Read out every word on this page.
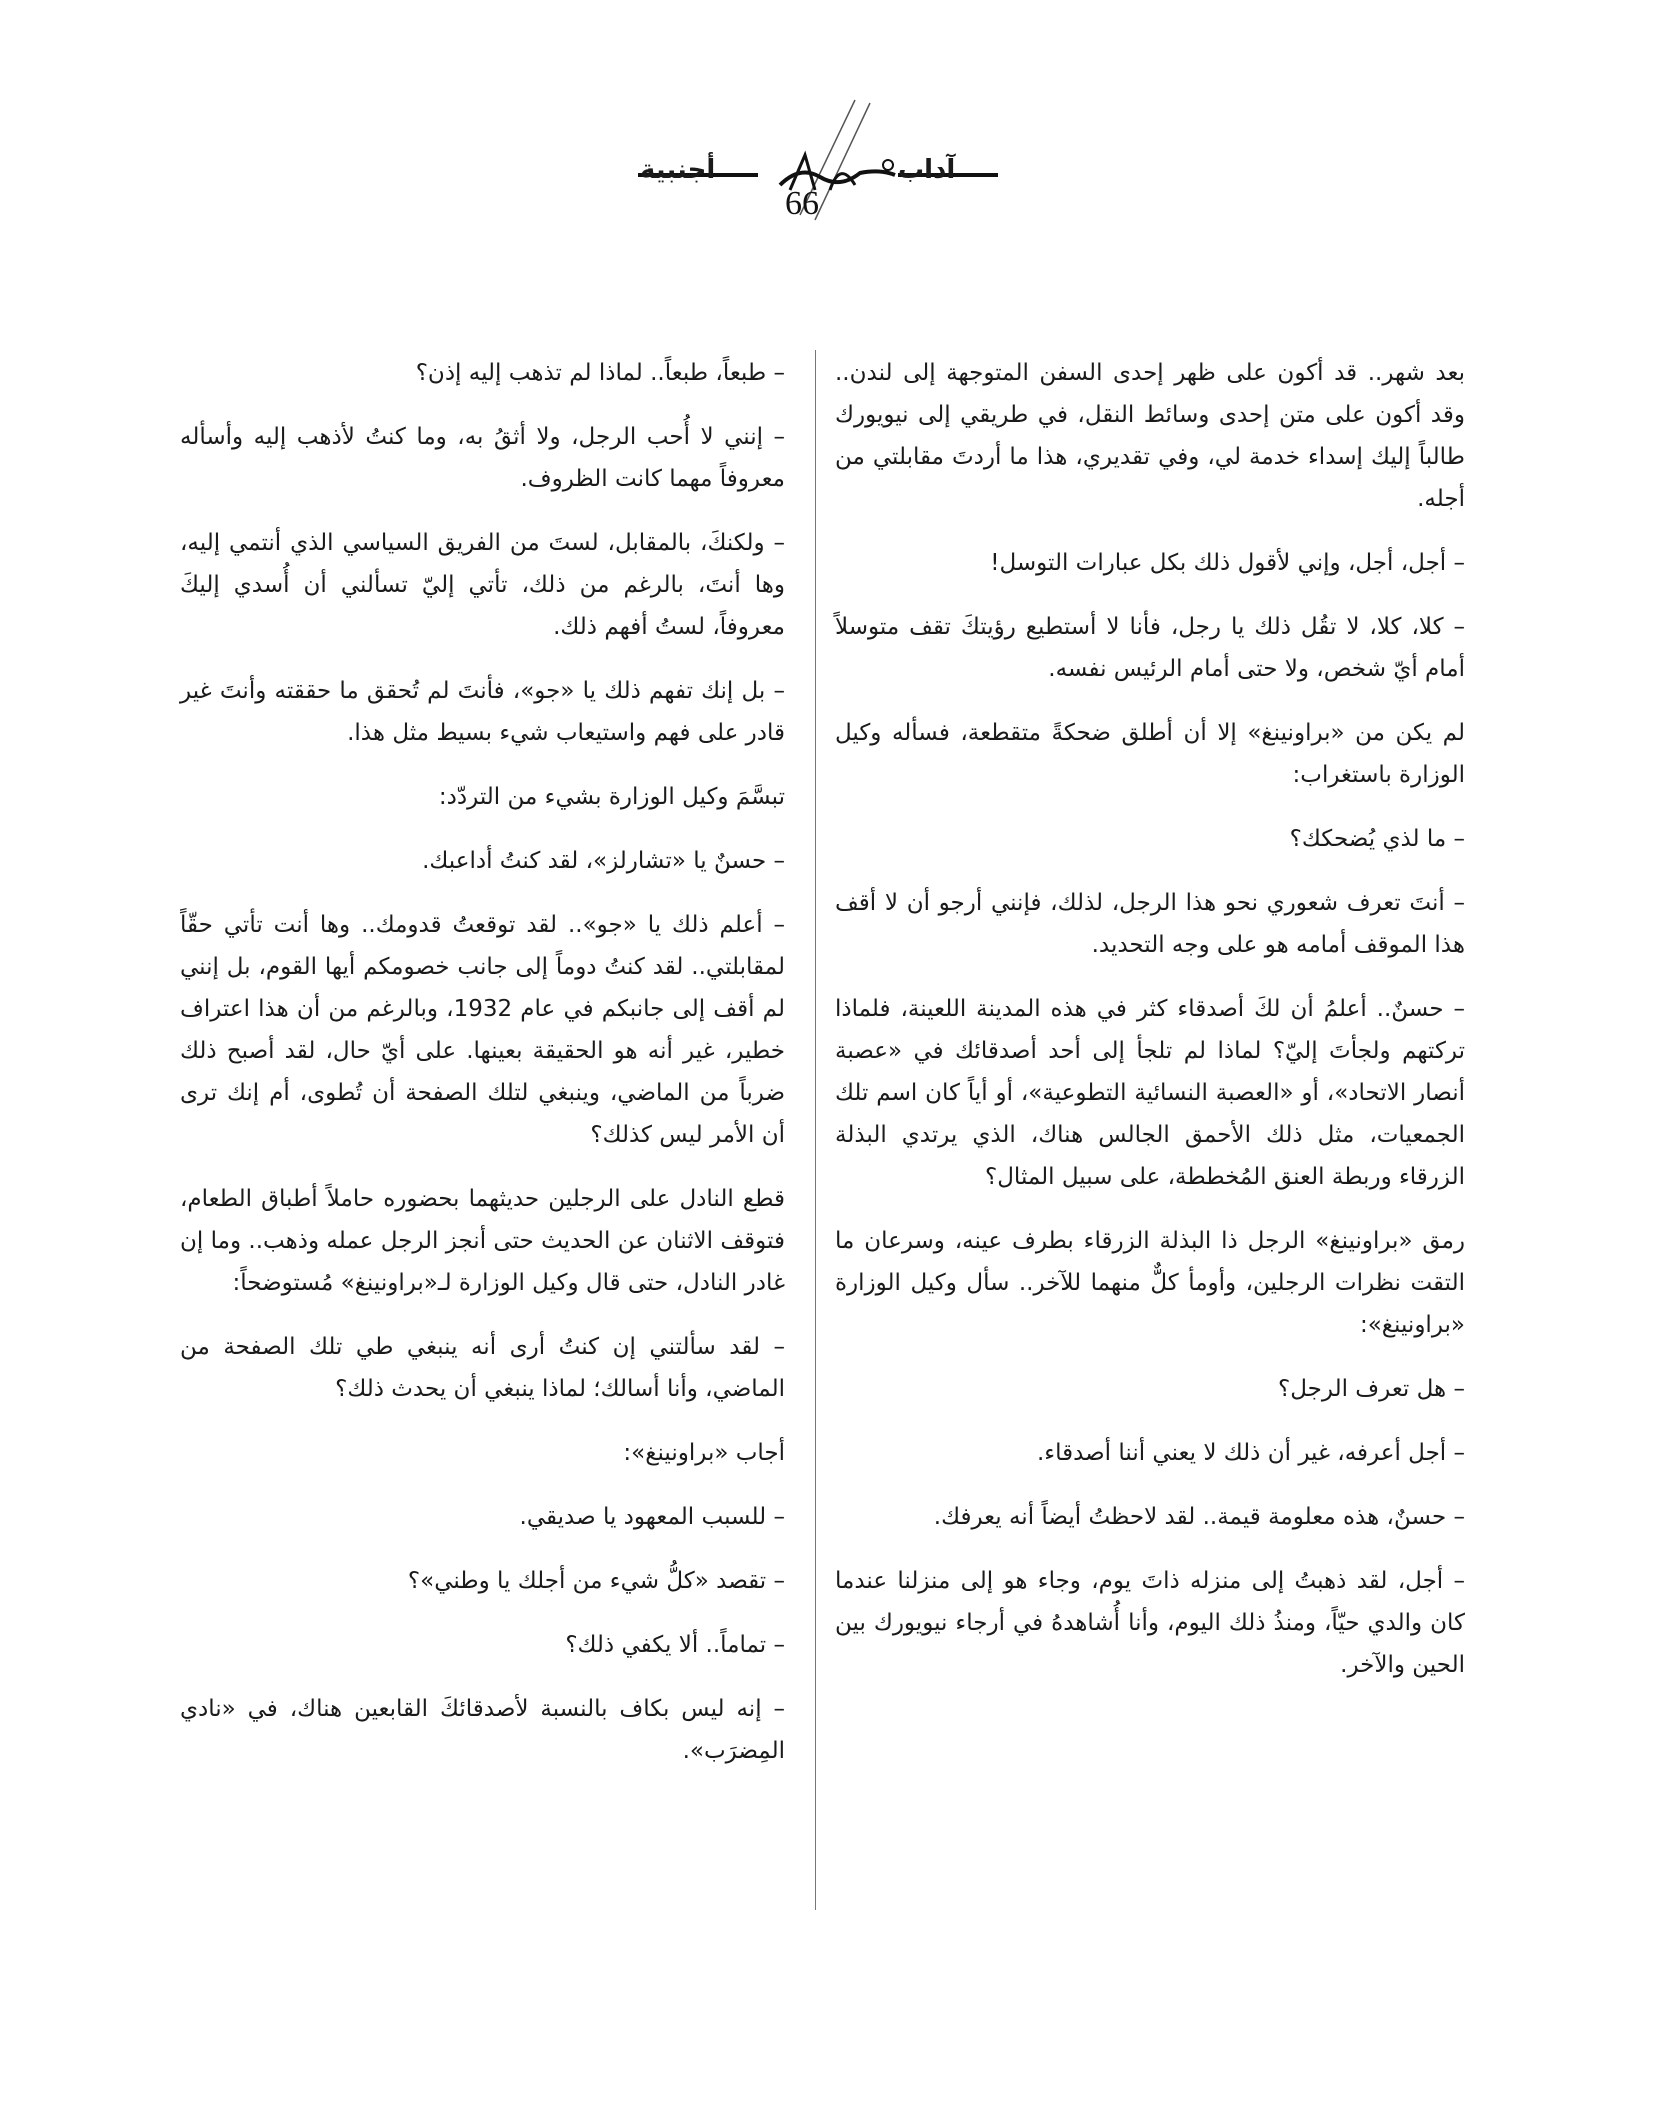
أجنبية	آداب
66

بعد شهر.. قد أكون على ظهر إحدى السفن المتوجهة إلى لندن.. وقد أكون على متن إحدى وسائط النقل، في طريقي إلى نيويورك طالباً إليك إسداء خدمة لي، وفي تقديري، هذا ما أردتَ مقابلتي من أجله.

– أجل، أجل، وإني لأقول ذلك بكل عبارات التوسل!

– كلا، كلا، لا تقُل ذلك يا رجل، فأنا لا أستطيع رؤيتكَ تقف متوسلاً أمام أيّ شخص، ولا حتى أمام الرئيس نفسه.

لم يكن من «براونينغ» إلا أن أطلق ضحكةً متقطعة، فسأله وكيل الوزارة باستغراب:

– ما لذي يُضحكك؟

– أنتَ تعرف شعوري نحو هذا الرجل، لذلك، فإنني أرجو أن لا أقف هذا الموقف أمامه هو على وجه التحديد.

– حسنٌ.. أعلمُ أن لكَ أصدقاء كثر في هذه المدينة اللعينة، فلماذا تركتهم ولجأتَ إليّ؟ لماذا لم تلجأ إلى أحد أصدقائك في «عصبة أنصار الاتحاد»، أو «العصبة النسائية التطوعية»، أو أياً كان اسم تلك الجمعيات، مثل ذلك الأحمق الجالس هناك، الذي يرتدي البذلة الزرقاء وربطة العنق المُخططة، على سبيل المثال؟

رمق «براونينغ» الرجل ذا البذلة الزرقاء بطرف عينه، وسرعان ما التقت نظرات الرجلين، وأومأ كلٌّ منهما للآخر.. سأل وكيل الوزارة «براونينغ»:

– هل تعرف الرجل؟

– أجل أعرفه، غير أن ذلك لا يعني أننا أصدقاء.

– حسنٌ، هذه معلومة قيمة.. لقد لاحظتُ أيضاً أنه يعرفك.

– أجل، لقد ذهبتُ إلى منزله ذاتَ يوم، وجاء هو إلى منزلنا عندما كان والدي حيّاً، ومنذُ ذلك اليوم، وأنا أُشاهدهُ في أرجاء نيويورك بين الحين والآخر.

– طبعاً، طبعاً.. لماذا لم تذهب إليه إذن؟

– إنني لا أُحب الرجل، ولا أثقُ به، وما كنتُ لأذهب إليه وأسأله معروفاً مهما كانت الظروف.

– ولكنكَ، بالمقابل، لستَ من الفريق السياسي الذي أنتمي إليه، وها أنتَ، بالرغم من ذلك، تأتي إليّ تسألني أن أُسدي إليكَ معروفاً، لستُ أفهم ذلك.

– بل إنك تفهم ذلك يا «جو»، فأنتَ لم تُحقق ما حققته وأنتَ غير قادر على فهم واستيعاب شيء بسيط مثل هذا.

تبسَّمَ وكيل الوزارة بشيء من التردّد:

– حسنٌ يا «تشارلز»، لقد كنتُ أداعبك.

– أعلم ذلك يا «جو».. لقد توقعتُ قدومك.. وها أنت تأتي حقّاً لمقابلتي.. لقد كنتُ دوماً إلى جانب خصومكم أيها القوم، بل إنني لم أقف إلى جانبكم في عام 1932، وبالرغم من أن هذا اعتراف خطير، غير أنه هو الحقيقة بعينها. على أيّ حال، لقد أصبح ذلك ضرباً من الماضي، وينبغي لتلك الصفحة أن تُطوى، أم إنك ترى أن الأمر ليس كذلك؟

قطع النادل على الرجلين حديثهما بحضوره حاملاً أطباق الطعام، فتوقف الاثنان عن الحديث حتى أنجز الرجل عمله وذهب.. وما إن غادر النادل، حتى قال وكيل الوزارة لـ«براونينغ» مُستوضحاً:

– لقد سألتني إن كنتُ أرى أنه ينبغي طي تلك الصفحة من الماضي، وأنا أسالك؛ لماذا ينبغي أن يحدث ذلك؟

أجاب «براونينغ»:

– للسبب المعهود يا صديقي.

– تقصد «كلُّ شيء من أجلك يا وطني»؟

– تماماً.. ألا يكفي ذلك؟

– إنه ليس بكاف بالنسبة لأصدقائكَ القابعين هناك، في «نادي المِضرَب».
